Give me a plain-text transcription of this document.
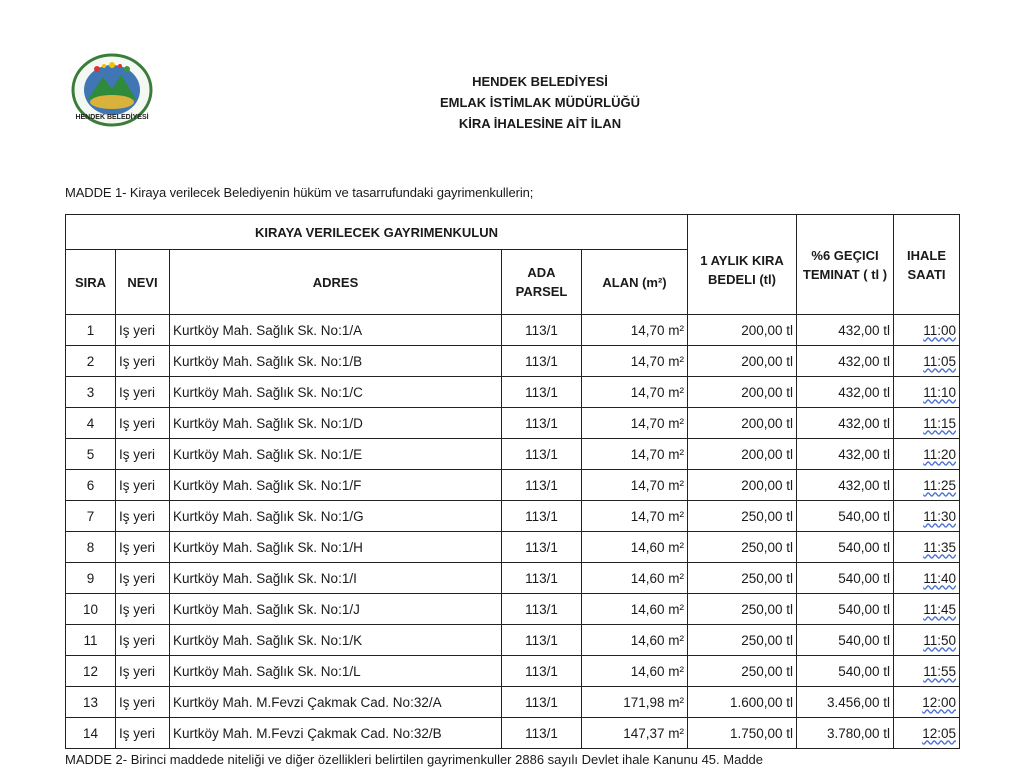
HENDEK BELEDİYESİ
HENDEK BELEDİYESİ
EMLAK İSTİMLAK MÜDÜRLÜĞÜ
KİRA İHALESİNE AİT İLAN
MADDE 1- Kiraya verilecek Belediyenin hüküm ve tasarrufundaki gayrimenkullerin;
KIRAYA VERILECEK GAYRIMENKULUN					1 AYLIK KIRA BEDELI (tl)	%6 GEÇICI TEMINAT ( tl )	IHALE SAATI
SIRA	NEVI	ADRES	ADA PARSEL	ALAN (m²)			
1	Iş yeri	Kurtköy Mah. Sağlık Sk. No:1/A	113/1	14,70 m²	200,00 tl	432,00 tl	11:00
2	Iş yeri	Kurtköy Mah. Sağlık Sk. No:1/B	113/1	14,70 m²	200,00 tl	432,00 tl	11:05
3	Iş yeri	Kurtköy Mah. Sağlık Sk. No:1/C	113/1	14,70 m²	200,00 tl	432,00 tl	11:10
4	Iş yeri	Kurtköy Mah. Sağlık Sk. No:1/D	113/1	14,70 m²	200,00 tl	432,00 tl	11:15
5	Iş yeri	Kurtköy Mah. Sağlık Sk. No:1/E	113/1	14,70 m²	200,00 tl	432,00 tl	11:20
6	Iş yeri	Kurtköy Mah. Sağlık Sk. No:1/F	113/1	14,70 m²	200,00 tl	432,00 tl	11:25
7	Iş yeri	Kurtköy Mah. Sağlık Sk. No:1/G	113/1	14,70 m²	250,00 tl	540,00 tl	11:30
8	Iş yeri	Kurtköy Mah. Sağlık Sk. No:1/H	113/1	14,60 m²	250,00 tl	540,00 tl	11:35
9	Iş yeri	Kurtköy Mah. Sağlık Sk. No:1/I	113/1	14,60 m²	250,00 tl	540,00 tl	11:40
10	Iş yeri	Kurtköy Mah. Sağlık Sk. No:1/J	113/1	14,60 m²	250,00 tl	540,00 tl	11:45
11	Iş yeri	Kurtköy Mah. Sağlık Sk. No:1/K	113/1	14,60 m²	250,00 tl	540,00 tl	11:50
12	Iş yeri	Kurtköy Mah. Sağlık Sk. No:1/L	113/1	14,60 m²	250,00 tl	540,00 tl	11:55
13	Iş yeri	Kurtköy Mah. M.Fevzi Çakmak Cad. No:32/A	113/1	171,98 m²	1.600,00 tl	3.456,00 tl	12:00
14	Iş yeri	Kurtköy Mah. M.Fevzi Çakmak Cad. No:32/B	113/1	147,37 m²	1.750,00 tl	3.780,00 tl	12:05
MADDE 2- Birinci maddede niteliği ve diğer özellikleri belirtilen gayrimenkuller 2886 sayılı Devlet ihale Kanunu 45. Madde
